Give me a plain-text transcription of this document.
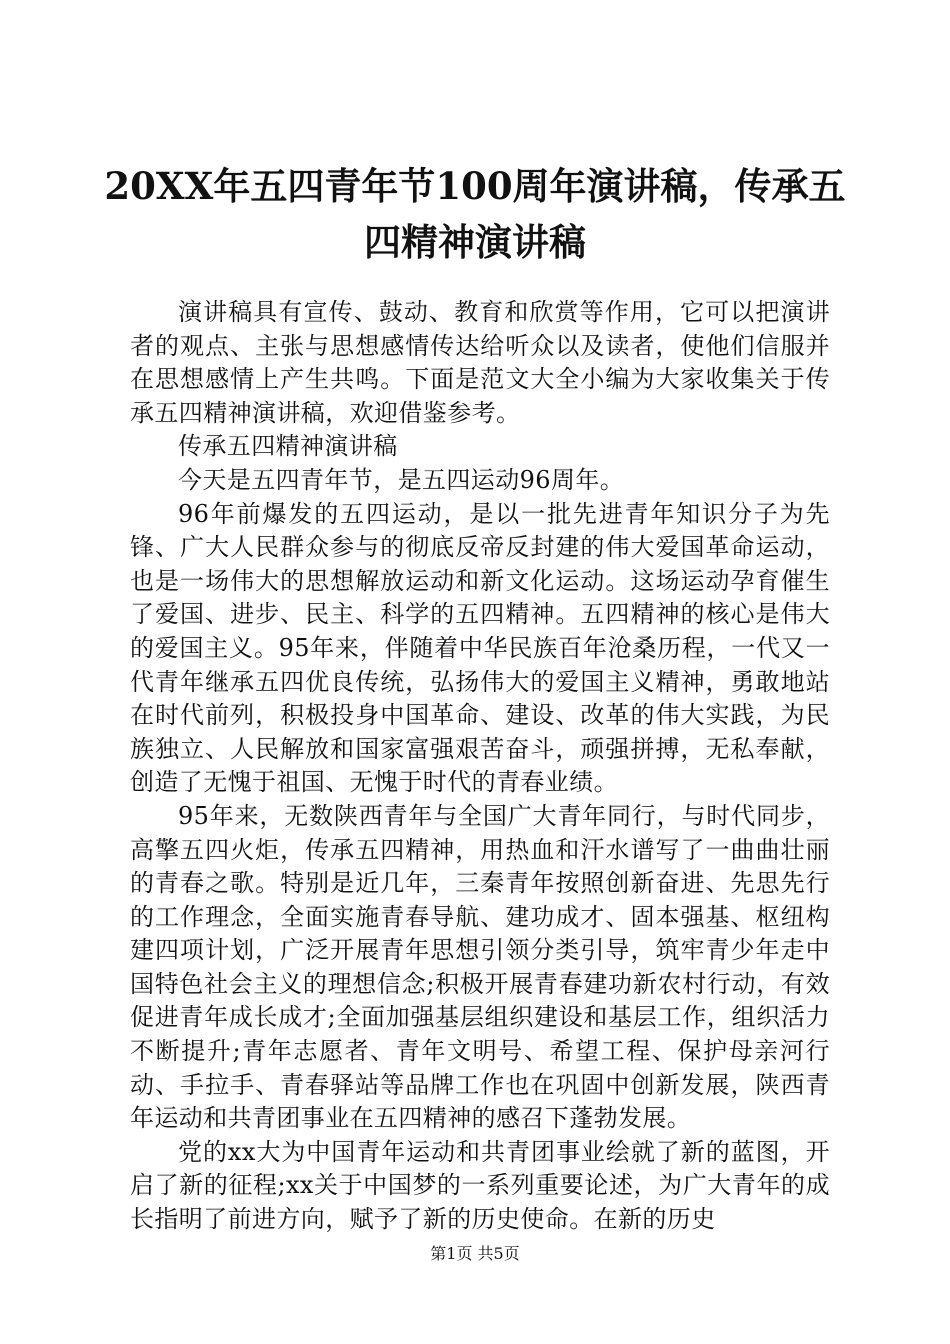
20XX年五四青年节100周年演讲稿，传承五四精神演讲稿

演讲稿具有宣传、鼓动、教育和欣赏等作用，它可以把演讲者的观点、主张与思想感情传达给听众以及读者，使他们信服并在思想感情上产生共鸣。下面是范文大全小编为大家收集关于传承五四精神演讲稿，欢迎借鉴参考。

传承五四精神演讲稿

今天是五四青年节，是五四运动96周年。

96年前爆发的五四运动，是以一批先进青年知识分子为先锋、广大人民群众参与的彻底反帝反封建的伟大爱国革命运动，也是一场伟大的思想解放运动和新文化运动。这场运动孕育催生了爱国、进步、民主、科学的五四精神。五四精神的核心是伟大的爱国主义。95年来，伴随着中华民族百年沧桑历程，一代又一代青年继承五四优良传统，弘扬伟大的爱国主义精神，勇敢地站在时代前列，积极投身中国革命、建设、改革的伟大实践，为民族独立、人民解放和国家富强艰苦奋斗，顽强拼搏，无私奉献，创造了无愧于祖国、无愧于时代的青春业绩。

95年来，无数陕西青年与全国广大青年同行，与时代同步，高擎五四火炬，传承五四精神，用热血和汗水谱写了一曲曲壮丽的青春之歌。特别是近几年，三秦青年按照创新奋进、先思先行的工作理念，全面实施青春导航、建功成才、固本强基、枢纽构建四项计划，广泛开展青年思想引领分类引导，筑牢青少年走中国特色社会主义的理想信念;积极开展青春建功新农村行动，有效促进青年成长成才;全面加强基层组织建设和基层工作，组织活力不断提升;青年志愿者、青年文明号、希望工程、保护母亲河行动、手拉手、青春驿站等品牌工作也在巩固中创新发展，陕西青年运动和共青团事业在五四精神的感召下蓬勃发展。

党的xx大为中国青年运动和共青团事业绘就了新的蓝图，开启了新的征程;xx关于中国梦的一系列重要论述，为广大青年的成长指明了前进方向，赋予了新的历史使命。在新的历史

第1页 共5页
